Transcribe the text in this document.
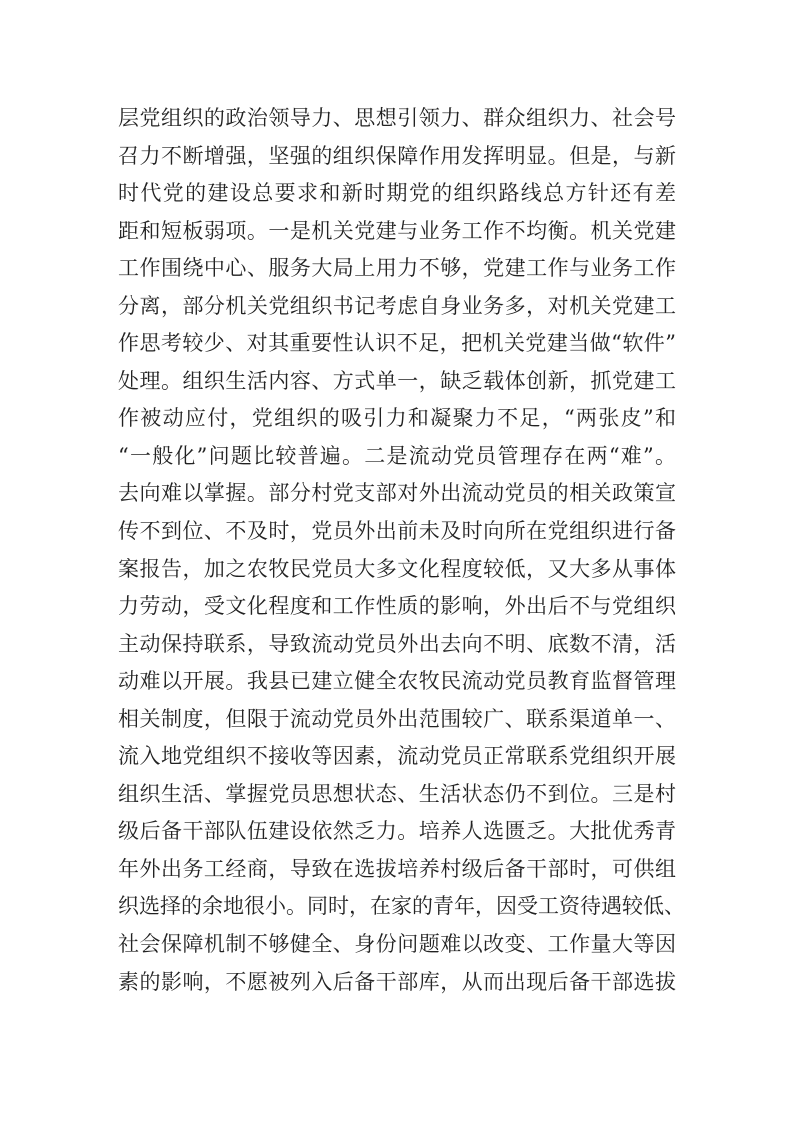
层党组织的政治领导力、思想引领力、群众组织力、社会号
召力不断增强，坚强的组织保障作用发挥明显。但是，与新
时代党的建设总要求和新时期党的组织路线总方针还有差
距和短板弱项。一是机关党建与业务工作不均衡。机关党建
工作围绕中心、服务大局上用力不够，党建工作与业务工作
分离，部分机关党组织书记考虑自身业务多，对机关党建工
作思考较少、对其重要性认识不足，把机关党建当做“软件”
处理。组织生活内容、方式单一，缺乏载体创新，抓党建工
作被动应付，党组织的吸引力和凝聚力不足，“两张皮”和
“一般化”问题比较普遍。二是流动党员管理存在两“难”。
去向难以掌握。部分村党支部对外出流动党员的相关政策宣
传不到位、不及时，党员外出前未及时向所在党组织进行备
案报告，加之农牧民党员大多文化程度较低，又大多从事体
力劳动，受文化程度和工作性质的影响，外出后不与党组织
主动保持联系，导致流动党员外出去向不明、底数不清，活
动难以开展。我县已建立健全农牧民流动党员教育监督管理
相关制度，但限于流动党员外出范围较广、联系渠道单一、
流入地党组织不接收等因素，流动党员正常联系党组织开展
组织生活、掌握党员思想状态、生活状态仍不到位。三是村
级后备干部队伍建设依然乏力。培养人选匮乏。大批优秀青
年外出务工经商，导致在选拔培养村级后备干部时，可供组
织选择的余地很小。同时，在家的青年，因受工资待遇较低、
社会保障机制不够健全、身份问题难以改变、工作量大等因
素的影响，不愿被列入后备干部库，从而出现后备干部选拔
